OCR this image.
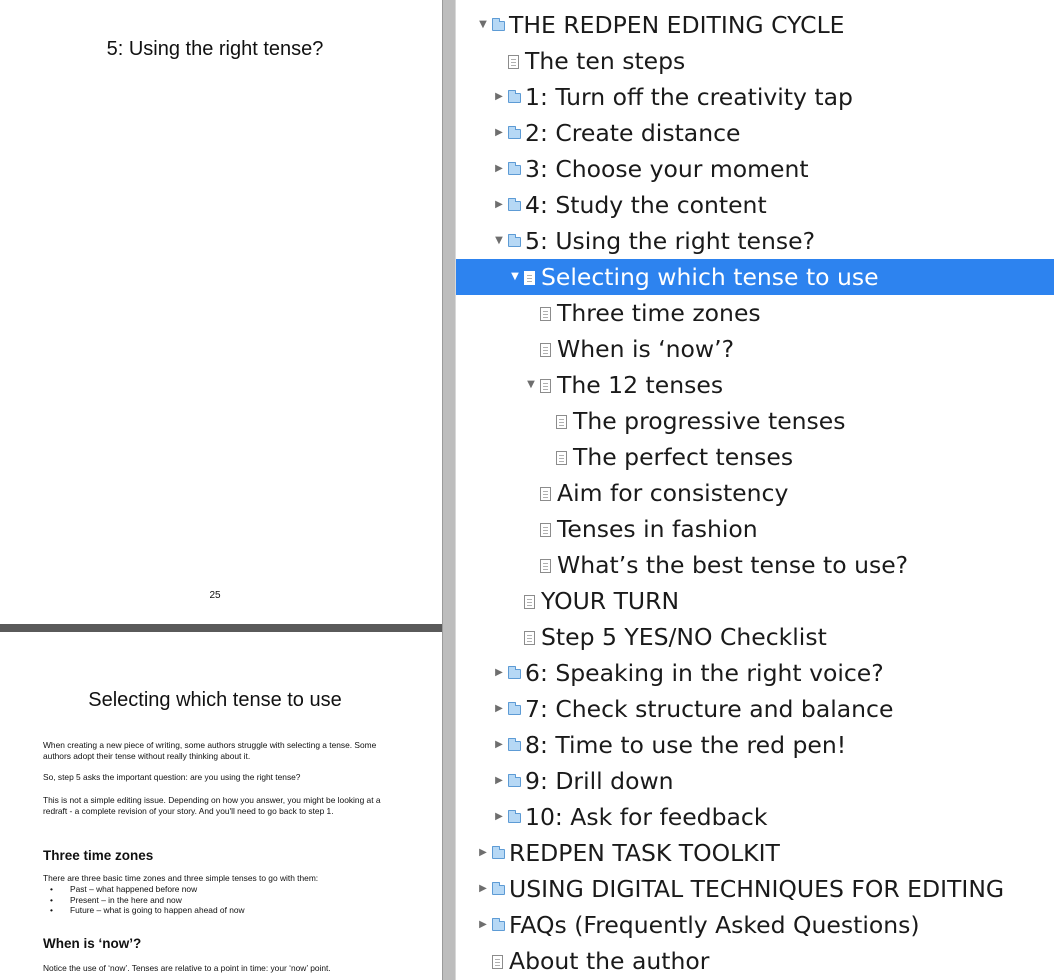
5: Using the right tense?
25
Selecting which tense to use
When creating a new piece of writing, some authors struggle with selecting a tense. Some authors adopt their tense without really thinking about it.
So, step 5 asks the important question: are you using the right tense?
This is not a simple editing issue. Depending on how you answer, you might be looking at a redraft - a complete revision of your story. And you'll need to go back to step 1.
Three time zones
There are three basic time zones and three simple tenses to go with them:
• Past – what happened before now
• Present – in the here and now
• Future – what is going to happen ahead of now
When is ‘now’?
Notice the use of ‘now’. Tenses are relative to a point in time: your ‘now’ point.
▼ THE REDPEN EDITING CYCLE
The ten steps
▶ 1: Turn off the creativity tap
▶ 2: Create distance
▶ 3: Choose your moment
▶ 4: Study the content
▼ 5: Using the right tense?
▼ Selecting which tense to use
Three time zones
When is ‘now’?
▼ The 12 tenses
The progressive tenses
The perfect tenses
Aim for consistency
Tenses in fashion
What’s the best tense to use?
YOUR TURN
Step 5 YES/NO Checklist
▶ 6: Speaking in the right voice?
▶ 7: Check structure and balance
▶ 8: Time to use the red pen!
▶ 9: Drill down
▶ 10: Ask for feedback
▶ REDPEN TASK TOOLKIT
▶ USING DIGITAL TECHNIQUES FOR EDITING
▶ FAQs (Frequently Asked Questions)
About the author
